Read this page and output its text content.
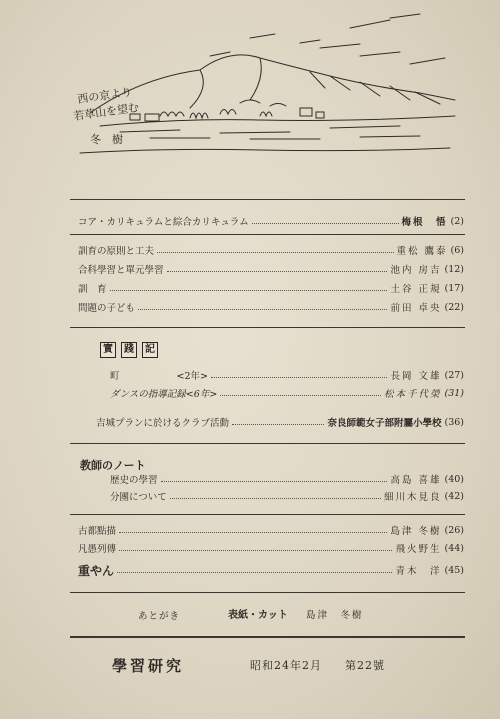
西の京より
若草山を望む
冬　樹
コア・カリキュラムと綜合カリキュラム	梅根　悟 (2)
訓育の原則と工夫	重松 鷹泰 (6)
合科學習と單元學習	池内 房吉 (12)
訓　育	土谷 正規 (17)
問題の子ども	前田 卓央 (22)
實	踐	記
町　　　　　　<2年>	長岡 文雄 (27)
ダンスの指導記録<6年>	松本千代榮 (31)
吉城プランに於けるクラブ活動	奈良師範女子部附屬小學校 (36)
教師のノート
歴史の學習	高島 喜雄 (40)
分團について	細川木見良 (42)
古都點描	島津 冬樹 (26)
凡愚列傳	飛火野生 (44)
重やん	青木　洋 (45)
あとがき	表紙・カット 島津　冬樹
學習研究	昭和24年2月 第22號
